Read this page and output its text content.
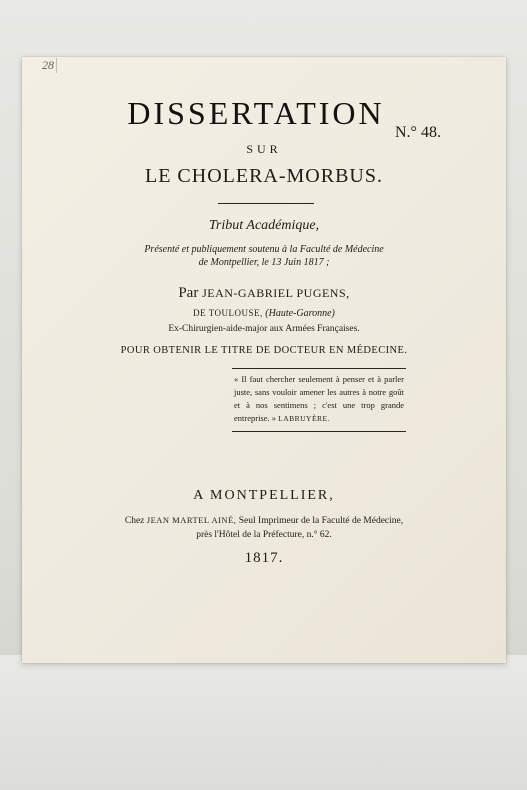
28
DISSERTATION
N.° 48.
SUR
LE CHOLERA-MORBUS.
Tribut Académique,
Présenté et publiquement soutenu à la Faculté de Médecine
de Montpellier, le 13 Juin 1817 ;
Par JEAN-GABRIEL PUGENS,
DE TOULOUSE, (Haute-Garonne)
Ex-Chirurgien-aide-major aux Armées Françaises.
POUR OBTENIR LE TITRE DE DOCTEUR EN MÉDECINE.
« Il faut chercher seulement à penser et à parler juste, sans vouloir amener les autres à notre goût et à nos sentimens ; c'est une trop grande entreprise. » LABRUYÈRE.
A MONTPELLIER,
Chez JEAN MARTEL AINÉ, Seul Imprimeur de la Faculté de Médecine,
près l'Hôtel de la Préfecture, n.° 62.
1817.
